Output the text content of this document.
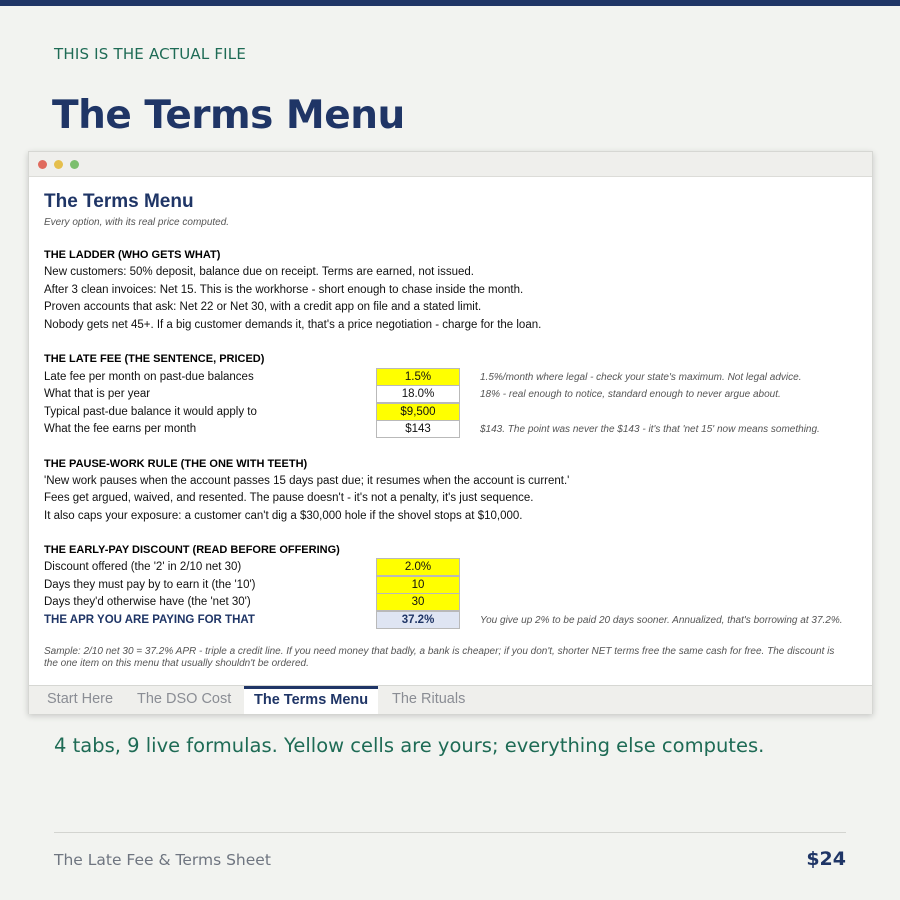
THIS IS THE ACTUAL FILE
The Terms Menu
The Terms Menu
Every option, with its real price computed.
THE LADDER (WHO GETS WHAT)
New customers: 50% deposit, balance due on receipt. Terms are earned, not issued.
After 3 clean invoices: Net 15. This is the workhorse - short enough to chase inside the month.
Proven accounts that ask: Net 22 or Net 30, with a credit app on file and a stated limit.
Nobody gets net 45+. If a big customer demands it, that's a price negotiation - charge for the loan.
THE LATE FEE (THE SENTENCE, PRICED)
Late fee per month on past-due balances	1.5%	1.5%/month where legal - check your state's maximum. Not legal advice.
What that is per year	18.0%	18% - real enough to notice, standard enough to never argue about.
Typical past-due balance it would apply to	$9,500
What the fee earns per month	$143	$143. The point was never the $143 - it's that 'net 15' now means something.
THE PAUSE-WORK RULE (THE ONE WITH TEETH)
'New work pauses when the account passes 15 days past due; it resumes when the account is current.'
Fees get argued, waived, and resented. The pause doesn't - it's not a penalty, it's just sequence.
It also caps your exposure: a customer can't dig a $30,000 hole if the shovel stops at $10,000.
THE EARLY-PAY DISCOUNT (READ BEFORE OFFERING)
Discount offered (the '2' in 2/10 net 30)	2.0%
Days they must pay by to earn it (the '10')	10
Days they'd otherwise have (the 'net 30')	30
THE APR YOU ARE PAYING FOR THAT	37.2%	You give up 2% to be paid 20 days sooner. Annualized, that's borrowing at 37.2%.
Sample: 2/10 net 30 = 37.2% APR - triple a credit line. If you need money that badly, a bank is cheaper; if you don't, shorter NET terms free the same cash for free. The discount is the one item on this menu that usually shouldn't be ordered.
Start Here The DSO Cost	The Terms Menu	The Rituals
4 tabs, 9 live formulas. Yellow cells are yours; everything else computes.
The Late Fee & Terms Sheet	$24
